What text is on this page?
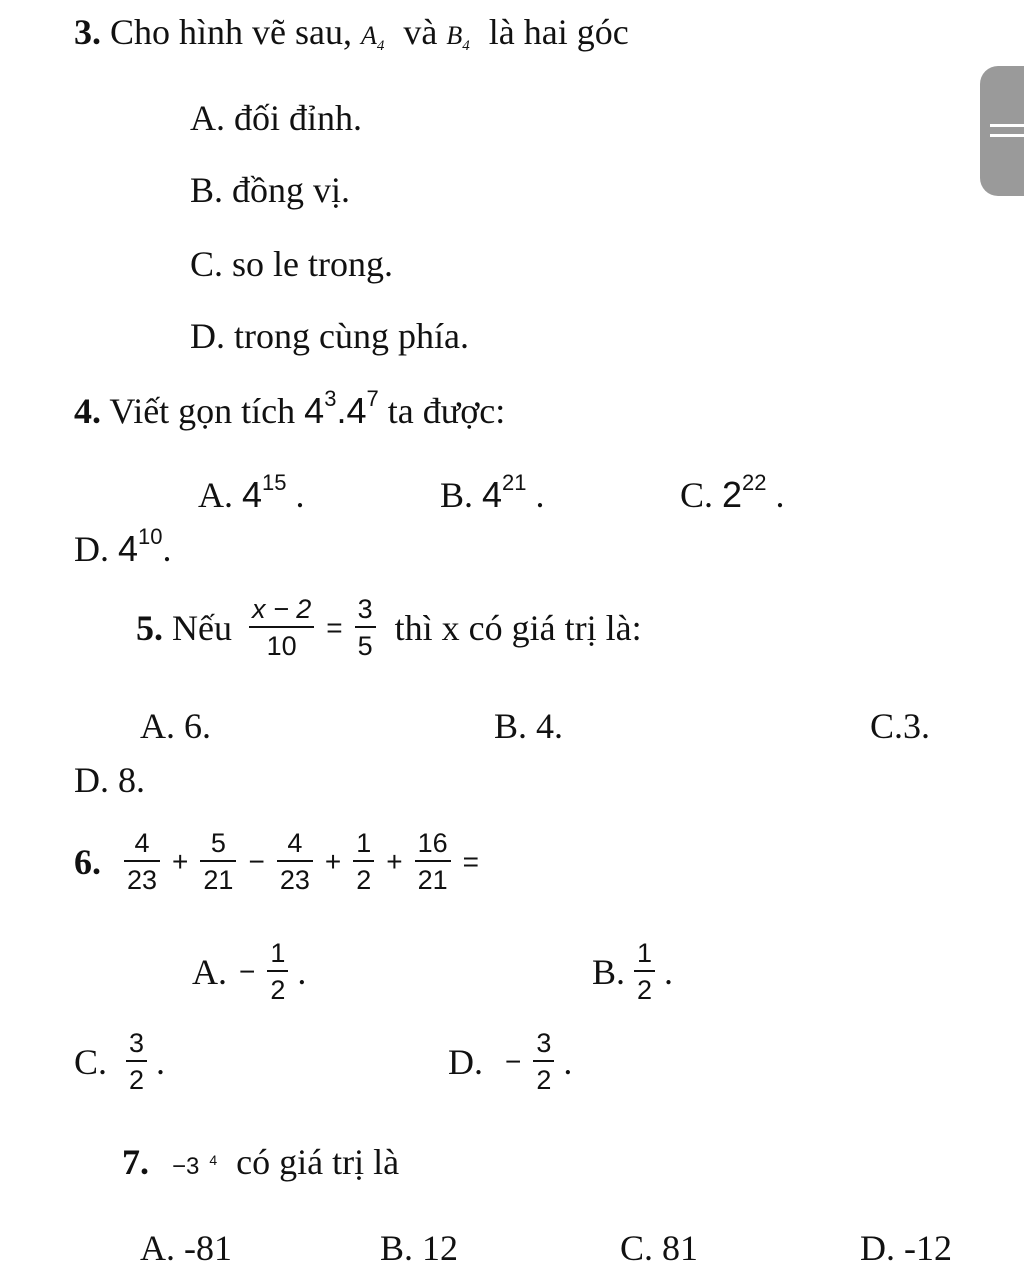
3. Cho hình vẽ sau, $A_4$ và $B_4$ là hai góc
A. đối đỉnh.
B. đồng vị.
C. so le trong.
D. trong cùng phía.
4. Viết gọn tích $4^3.4^7$ ta được:
A. $4^{15}$ .	B. $4^{21}$ .	C. $2^{22}$ .
D. $4^{10}$.
5. Nếu $\frac{x - 2}{10} = \frac{3}{5}$ thì x có giá trị là:
A. 6.	B. 4.	C.3.
D. 8.
6. $\frac{4}{23} + \frac{5}{21} - \frac{4}{23} + \frac{1}{2} + \frac{16}{21}$ =
A. − $\frac{1}{2}$ .	B. $\frac{1}{2}$ .
C. $\frac{3}{2}$ .	D. − $\frac{3}{2}$ .
7. −3 $^4$ có giá trị là
A. -81	B. 12	C. 81	D. -12
